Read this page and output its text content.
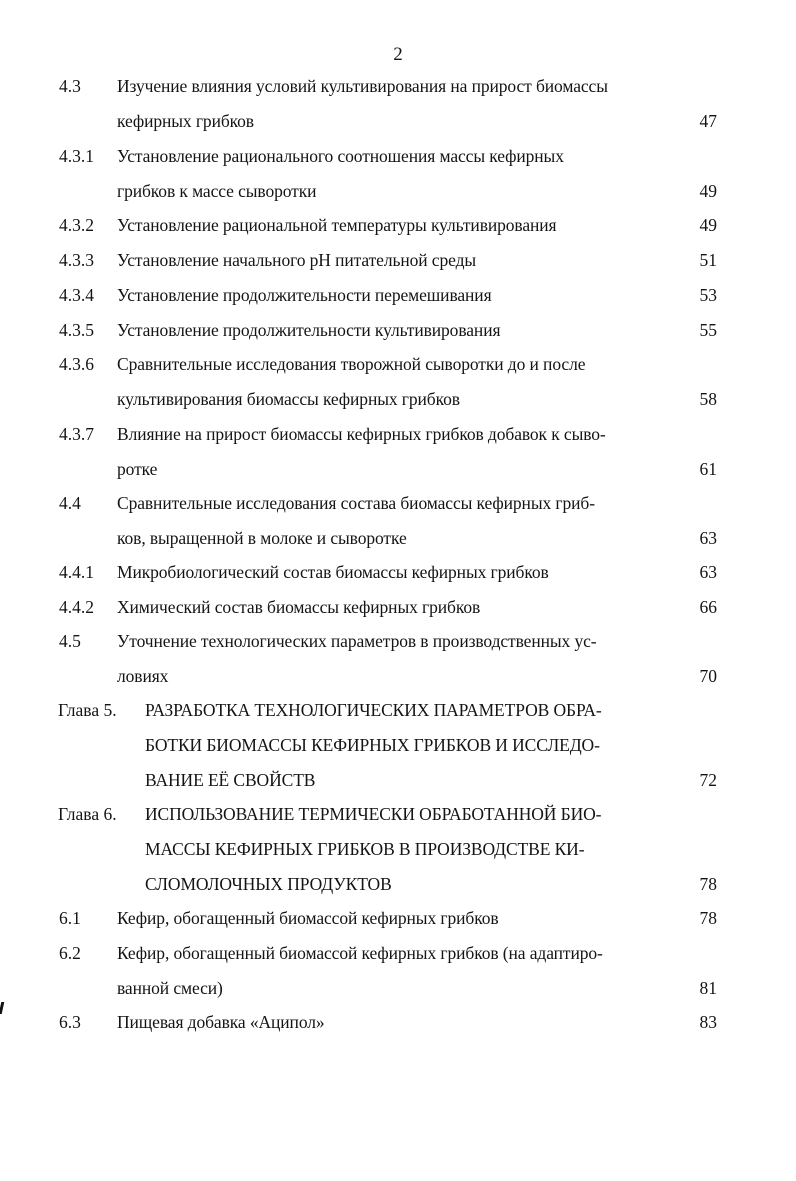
2
4.3 Изучение влияния условий культивирования на прирост биомассы
кефирных грибков	47
4.3.1 Установление рационального соотношения массы кефирных
грибков к массе сыворотки	49
4.3.2 Установление рациональной температуры культивирования	49
4.3.3 Установление начального pH питательной среды	51
4.3.4 Установление продолжительности перемешивания	53
4.3.5 Установление продолжительности культивирования	55
4.3.6 Сравнительные исследования творожной сыворотки до и после
культивирования биомассы кефирных грибков	58
4.3.7 Влияние на прирост биомассы кефирных грибков добавок к сыво-
ротке	61
4.4 Сравнительные исследования состава биомассы кефирных гриб-
ков, выращенной в молоке и сыворотке	63
4.4.1 Микробиологический состав биомассы кефирных грибков	63
4.4.2 Химический состав биомассы кефирных грибков	66
4.5 Уточнение технологических параметров в производственных ус-
ловиях	70
Глава 5. РАЗРАБОТКА ТЕХНОЛОГИЧЕСКИХ ПАРАМЕТРОВ ОБРА-
БОТКИ БИОМАССЫ КЕФИРНЫХ ГРИБКОВ И ИССЛЕДО-
ВАНИЕ ЕЁ СВОЙСТВ	72
Глава 6. ИСПОЛЬЗОВАНИЕ ТЕРМИЧЕСКИ ОБРАБОТАННОЙ БИО-
МАССЫ КЕФИРНЫХ ГРИБКОВ В ПРОИЗВОДСТВЕ КИ-
СЛОМОЛОЧНЫХ ПРОДУКТОВ	78
6.1 Кефир, обогащенный биомассой кефирных грибков	78
6.2 Кефир, обогащенный биомассой кефирных грибков (на адаптиро-
ванной смеси)	81
6.3 Пищевая добавка «Аципол»	83
